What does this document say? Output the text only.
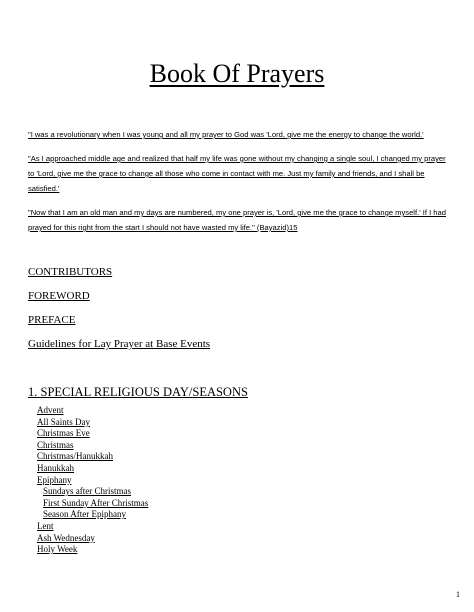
Book Of Prayers

"I was a revolutionary when I was young and all my prayer to God was 'Lord, give me the energy to change the world.'

"As I approached middle age and realized that half my life was gone without my changing a single soul, I changed my prayer to 'Lord, give me the grace to change all those who come in contact with me. Just my family and friends, and I shall be satisfied.'

"Now that I am an old man and my days are numbered, my one prayer is, 'Lord, give me the grace to change myself.' If I had prayed for this right from the start I should not have wasted my life." (Bayazid)15

CONTRIBUTORS
FOREWORD
PREFACE
Guidelines for Lay Prayer at Base Events
1. SPECIAL RELIGIOUS DAY/SEASONS
Advent
All Saints Day
Christmas Eve
Christmas
Christmas/Hanukkah
Hanukkah
Epiphany
Sundays after Christmas
First Sunday After Christmas
Season After Epiphany
Lent
Ash Wednesday
Holy Week
1
